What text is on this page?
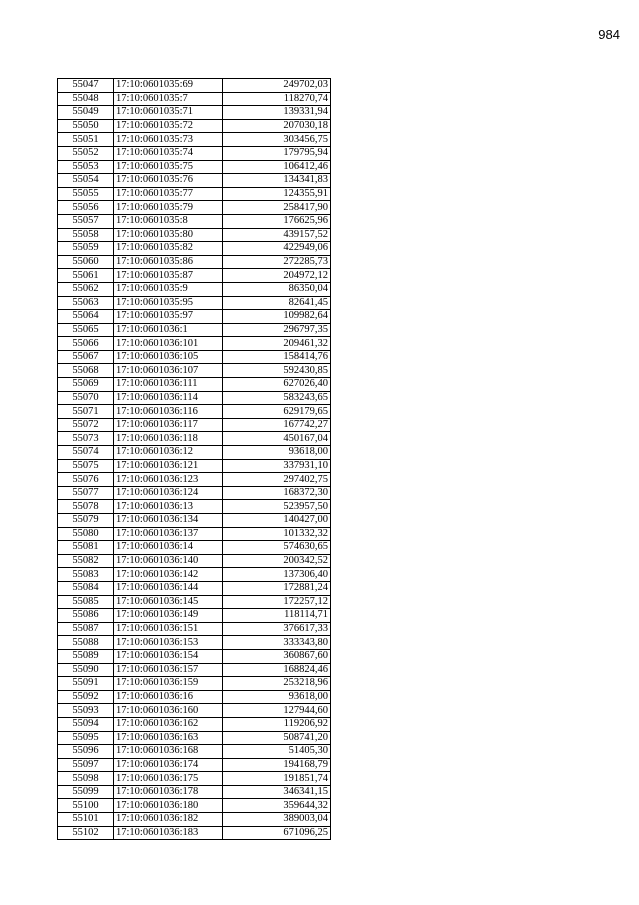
984
55047	17:10:0601035:69	249702,03
55048	17:10:0601035:7	118270,74
55049	17:10:0601035:71	139331,94
55050	17:10:0601035:72	207030,18
55051	17:10:0601035:73	303456,75
55052	17:10:0601035:74	179795,94
55053	17:10:0601035:75	106412,46
55054	17:10:0601035:76	134341,83
55055	17:10:0601035:77	124355,91
55056	17:10:0601035:79	258417,90
55057	17:10:0601035:8	176625,96
55058	17:10:0601035:80	439157,52
55059	17:10:0601035:82	422949,06
55060	17:10:0601035:86	272285,73
55061	17:10:0601035:87	204972,12
55062	17:10:0601035:9	86350,04
55063	17:10:0601035:95	82641,45
55064	17:10:0601035:97	109982,64
55065	17:10:0601036:1	296797,35
55066	17:10:0601036:101	209461,32
55067	17:10:0601036:105	158414,76
55068	17:10:0601036:107	592430,85
55069	17:10:0601036:111	627026,40
55070	17:10:0601036:114	583243,65
55071	17:10:0601036:116	629179,65
55072	17:10:0601036:117	167742,27
55073	17:10:0601036:118	450167,04
55074	17:10:0601036:12	93618,00
55075	17:10:0601036:121	337931,10
55076	17:10:0601036:123	297402,75
55077	17:10:0601036:124	168372,30
55078	17:10:0601036:13	523957,50
55079	17:10:0601036:134	140427,00
55080	17:10:0601036:137	101332,32
55081	17:10:0601036:14	574630,65
55082	17:10:0601036:140	200342,52
55083	17:10:0601036:142	137306,40
55084	17:10:0601036:144	172881,24
55085	17:10:0601036:145	172257,12
55086	17:10:0601036:149	118114,71
55087	17:10:0601036:151	376617,33
55088	17:10:0601036:153	333343,80
55089	17:10:0601036:154	360867,60
55090	17:10:0601036:157	168824,46
55091	17:10:0601036:159	253218,96
55092	17:10:0601036:16	93618,00
55093	17:10:0601036:160	127944,60
55094	17:10:0601036:162	119206,92
55095	17:10:0601036:163	508741,20
55096	17:10:0601036:168	51405,30
55097	17:10:0601036:174	194168,79
55098	17:10:0601036:175	191851,74
55099	17:10:0601036:178	346341,15
55100	17:10:0601036:180	359644,32
55101	17:10:0601036:182	389003,04
55102	17:10:0601036:183	671096,25
